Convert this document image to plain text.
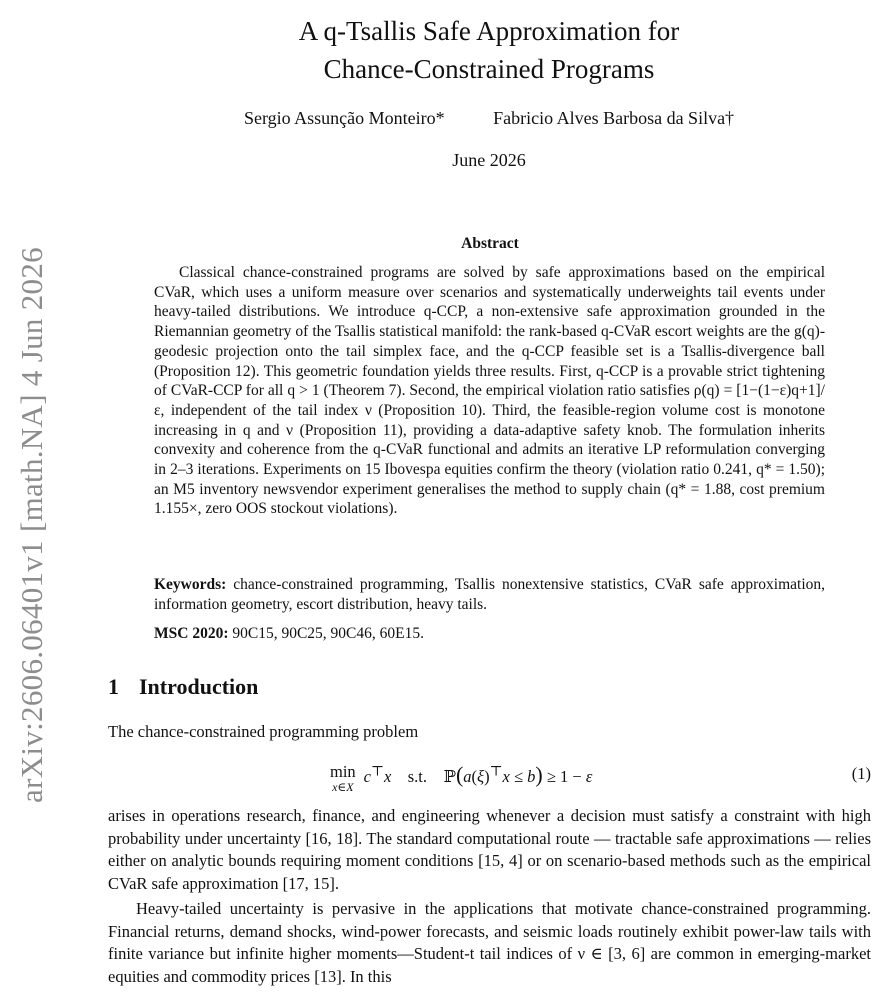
arXiv:2606.06401v1 [math.NA] 4 Jun 2026
A q-Tsallis Safe Approximation for
Chance-Constrained Programs
Sergio Assunção Monteiro*	Fabricio Alves Barbosa da Silva†
June 2026
Abstract
Classical chance-constrained programs are solved by safe approximations based on the empirical CVaR, which uses a uniform measure over scenarios and systematically underweights tail events under heavy-tailed distributions. We introduce q-CCP, a non-extensive safe approximation grounded in the Riemannian geometry of the Tsallis statistical manifold: the rank-based q-CVaR escort weights are the g(q)-geodesic projection onto the tail simplex face, and the q-CCP feasible set is a Tsallis-divergence ball (Proposition 12). This geometric foundation yields three results. First, q-CCP is a provable strict tightening of CVaR-CCP for all q > 1 (Theorem 7). Second, the empirical violation ratio satisfies ρ(q) = [1−(1−ε)q+1]/ε, independent of the tail index ν (Proposition 10). Third, the feasible-region volume cost is monotone increasing in q and ν (Proposition 11), providing a data-adaptive safety knob. The formulation inherits convexity and coherence from the q-CVaR functional and admits an iterative LP reformulation converging in 2–3 iterations. Experiments on 15 Ibovespa equities confirm the theory (violation ratio 0.241, q* = 1.50); an M5 inventory newsvendor experiment generalises the method to supply chain (q* = 1.88, cost premium 1.155×, zero OOS stockout violations).
Keywords: chance-constrained programming, Tsallis nonextensive statistics, CVaR safe approximation, information geometry, escort distribution, heavy tails.
MSC 2020: 90C15, 90C25, 90C46, 60E15.
1 Introduction
The chance-constrained programming problem
min
x∈X
c⊤x    s.t.    ℙ(a(ξ)⊤x ≤ b) ≥ 1 − ε	(1)
arises in operations research, finance, and engineering whenever a decision must satisfy a constraint with high probability under uncertainty [16, 18]. The standard computational route — tractable safe approximations — relies either on analytic bounds requiring moment conditions [15, 4] or on scenario-based methods such as the empirical CVaR safe approximation [17, 15].
Heavy-tailed uncertainty is pervasive in the applications that motivate chance-constrained programming. Financial returns, demand shocks, wind-power forecasts, and seismic loads routinely exhibit power-law tails with finite variance but infinite higher moments—Student-t tail indices of ν ∈ [3, 6] are common in emerging-market equities and commodity prices [13]. In this
